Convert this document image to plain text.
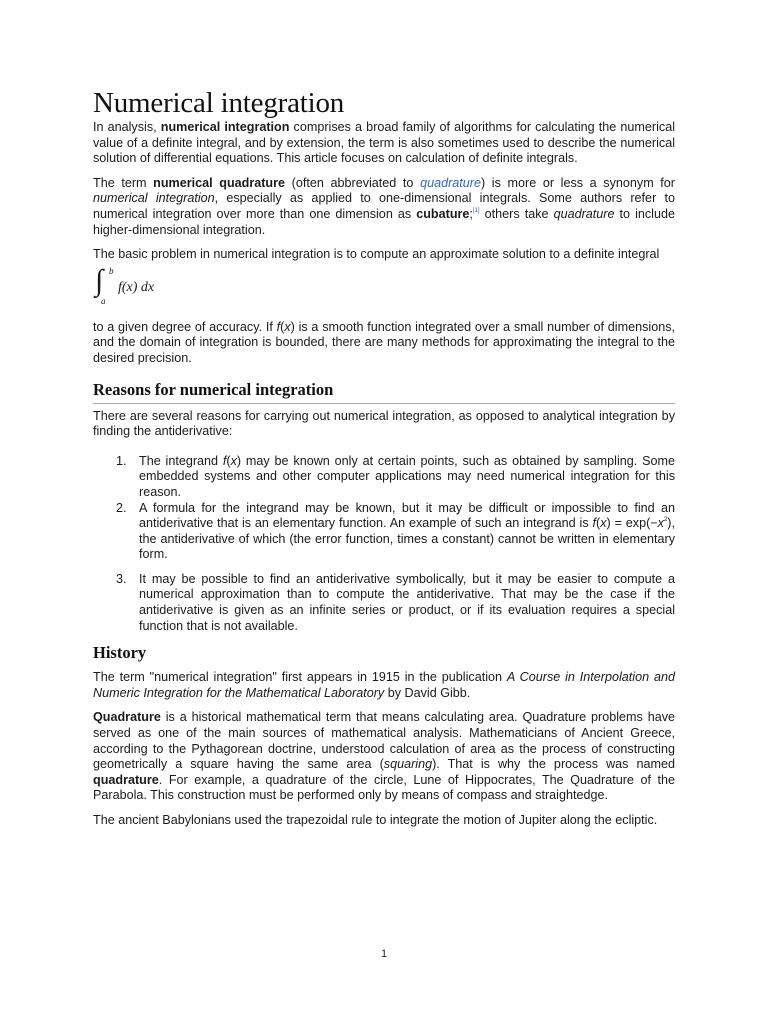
Numerical integration

In analysis, numerical integration comprises a broad family of algorithms for calculating the numerical value of a definite integral, and by extension, the term is also sometimes used to describe the numerical solution of differential equations. This article focuses on calculation of definite integrals.

The term numerical quadrature (often abbreviated to quadrature) is more or less a synonym for numerical integration, especially as applied to one-dimensional integrals. Some authors refer to numerical integration over more than one dimension as cubature;[1] others take quadrature to include higher-dimensional integration.

The basic problem in numerical integration is to compute an approximate solution to a definite integral

∫ b
a
f(x) dx

to a given degree of accuracy. If f(x) is a smooth function integrated over a small number of dimensions, and the domain of integration is bounded, there are many methods for approximating the integral to the desired precision.

Reasons for numerical integration

There are several reasons for carrying out numerical integration, as opposed to analytical integration by finding the antiderivative:

1. The integrand f(x) may be known only at certain points, such as obtained by sampling. Some embedded systems and other computer applications may need numerical integration for this reason.
2. A formula for the integrand may be known, but it may be difficult or impossible to find an antiderivative that is an elementary function. An example of such an integrand is $f(x) = \exp(-x^2)$, the antiderivative of which (the error function, times a constant) cannot be written in elementary form.
3. It may be possible to find an antiderivative symbolically, but it may be easier to compute a numerical approximation than to compute the antiderivative. That may be the case if the antiderivative is given as an infinite series or product, or if its evaluation requires a special function that is not available.
History

The term "numerical integration" first appears in 1915 in the publication A Course in Interpolation and Numeric Integration for the Mathematical Laboratory by David Gibb.

Quadrature is a historical mathematical term that means calculating area. Quadrature problems have served as one of the main sources of mathematical analysis. Mathematicians of Ancient Greece, according to the Pythagorean doctrine, understood calculation of area as the process of constructing geometrically a square having the same area (squaring). That is why the process was named quadrature. For example, a quadrature of the circle, Lune of Hippocrates, The Quadrature of the Parabola. This construction must be performed only by means of compass and straightedge.

The ancient Babylonians used the trapezoidal rule to integrate the motion of Jupiter along the ecliptic.

1
